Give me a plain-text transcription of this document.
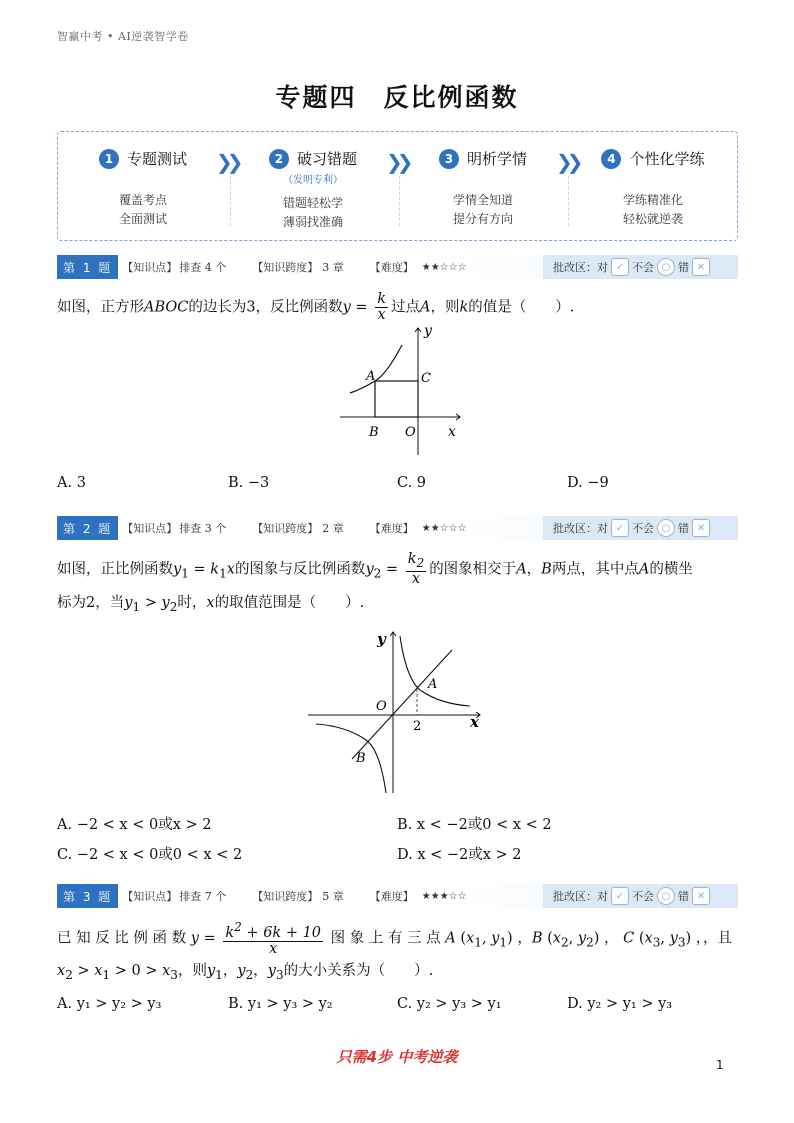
智赢中考 • AI逆袭智学卷
专题四　反比例函数
1 专题测试
覆盖考点
全面测试
❯❯	2 破习错题
（发明专利）
错题轻松学
薄弱找准确
❯❯	3 明析学情
学情全知道
提分有方向
❯❯	4 个性化学练
学练精准化
轻松就逆袭
第 1 题 【知识点】 排查 4 个 【知识跨度】 3 章 【难度】 ★★☆☆☆	批改区： 对 ✓ 不会 ○ 错 ✕
如图，正方形ABOC的边长为3，反比例函数$y = \frac{k}{x}$ 过点A，则k的值是（　　）.
A	C
B O x
y
A. 3	B. −3	C. 9	D. −9
第 2 题 【知识点】 排查 3 个 【知识跨度】 2 章 【难度】 ★★☆☆☆	批改区： 对 ✓ 不会 ○ 错 ✕
如图，正比例函数$y_1 = k_1x$的图象与反比例函数$y_2 = \frac{k_2}{x}$ 的图象相交于A，B两点，其中点A的横坐
标为2，当$y_1 > y_2$时，x的取值范围是（　　）.
A
B
O
2	x
y
A. −2 < x < 0或x > 2	B. x < −2或0 < x < 2
C. −2 < x < 0或0 < x < 2	D. x < −2或x > 2
第 3 题 【知识点】 排查 7 个 【知识跨度】 5 章 【难度】 ★★★☆☆	批改区： 对 ✓ 不会 ○ 错 ✕
已 知 反 比 例 函 数 $y = \frac{k^2 + 6k + 10}{x}$ 图 象 上 有 三 点 A ($x_1$, $y_1$) ，B ($x_2$, $y_2$) ， C ($x_3$, $y_3$) ，，且
$x_2 > x_1 > 0 > x_3$，则$y_1$，$y_2$，$y_3$的大小关系为（　　）.
A. y₁ > y₂ > y₃	B. y₁ > y₃ > y₂	C. y₂ > y₃ > y₁	D. y₂ > y₁ > y₃
只需4步 中考逆袭	1
